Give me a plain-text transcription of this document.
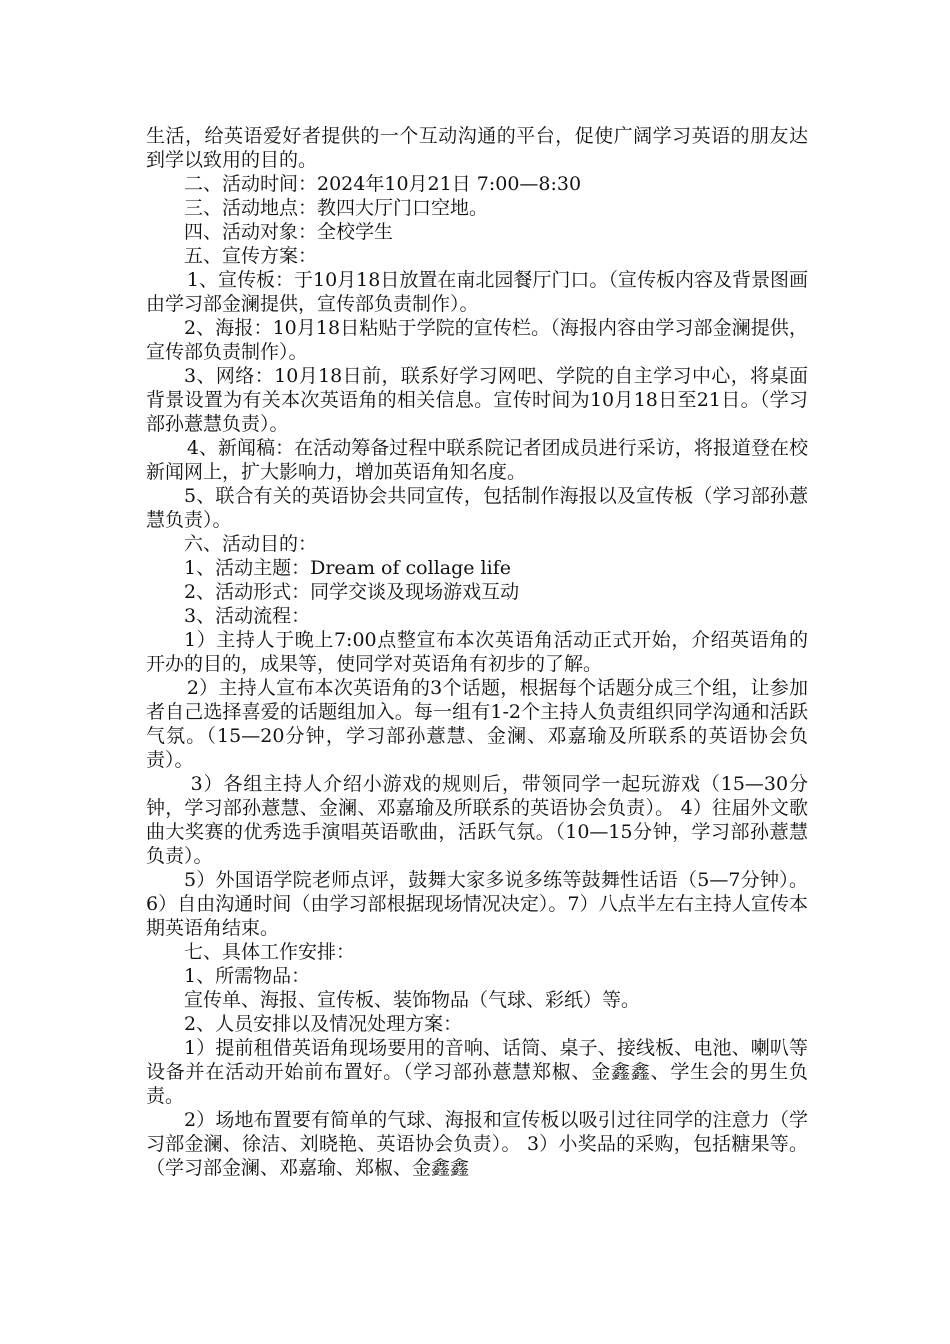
生活，给英语爱好者提供的一个互动沟通的平台，促使广阔学习英语的朋友达到学以致用的目的。

二、活动时间：2024年10月21日 7:00—8:30

三、活动地点：教四大厅门口空地。

四、活动对象：全校学生

五、宣传方案：

1、宣传板：于10月18日放置在南北园餐厅门口。（宣传板内容及背景图画由学习部金澜提供，宣传部负责制作）。

2、海报：10月18日粘贴于学院的宣传栏。（海报内容由学习部金澜提供，宣传部负责制作）。

3、网络：10月18日前，联系好学习网吧、学院的自主学习中心，将桌面背景设置为有关本次英语角的相关信息。宣传时间为10月18日至21日。（学习部孙薏慧负责）。

4、新闻稿：在活动筹备过程中联系院记者团成员进行采访，将报道登在校新闻网上，扩大影响力，增加英语角知名度。

5、联合有关的英语协会共同宣传，包括制作海报以及宣传板（学习部孙薏慧负责）。

六、活动目的：

1、活动主题：Dream of collage life

2、活动形式：同学交谈及现场游戏互动

3、活动流程：

1）主持人于晚上7:00点整宣布本次英语角活动正式开始，介绍英语角的开办的目的，成果等，使同学对英语角有初步的了解。

2）主持人宣布本次英语角的3个话题，根据每个话题分成三个组，让参加者自己选择喜爱的话题组加入。每一组有1-2个主持人负责组织同学沟通和活跃气氛。（15—20分钟，学习部孙薏慧、金澜、邓嘉瑜及所联系的英语协会负责）。

3）各组主持人介绍小游戏的规则后，带领同学一起玩游戏（15—30分钟，学习部孙薏慧、金澜、邓嘉瑜及所联系的英语协会负责）。 4）往届外文歌曲大奖赛的优秀选手演唱英语歌曲，活跃气氛。（10—15分钟，学习部孙薏慧负责）。

5）外国语学院老师点评，鼓舞大家多说多练等鼓舞性话语（5—7分钟）。 6）自由沟通时间（由学习部根据现场情况决定）。7）八点半左右主持人宣传本期英语角结束。

七、具体工作安排：

1、所需物品：

宣传单、海报、宣传板、装饰物品（气球、彩纸）等。

2、人员安排以及情况处理方案：

1）提前租借英语角现场要用的音响、话筒、桌子、接线板、电池、喇叭等设备并在活动开始前布置好。（学习部孙薏慧郑椒、金鑫鑫、学生会的男生负责。

2）场地布置要有简单的气球、海报和宣传板以吸引过往同学的注意力（学习部金澜、徐洁、刘晓艳、英语协会负责）。 3）小奖品的采购，包括糖果等。（学习部金澜、邓嘉瑜、郑椒、金鑫鑫
